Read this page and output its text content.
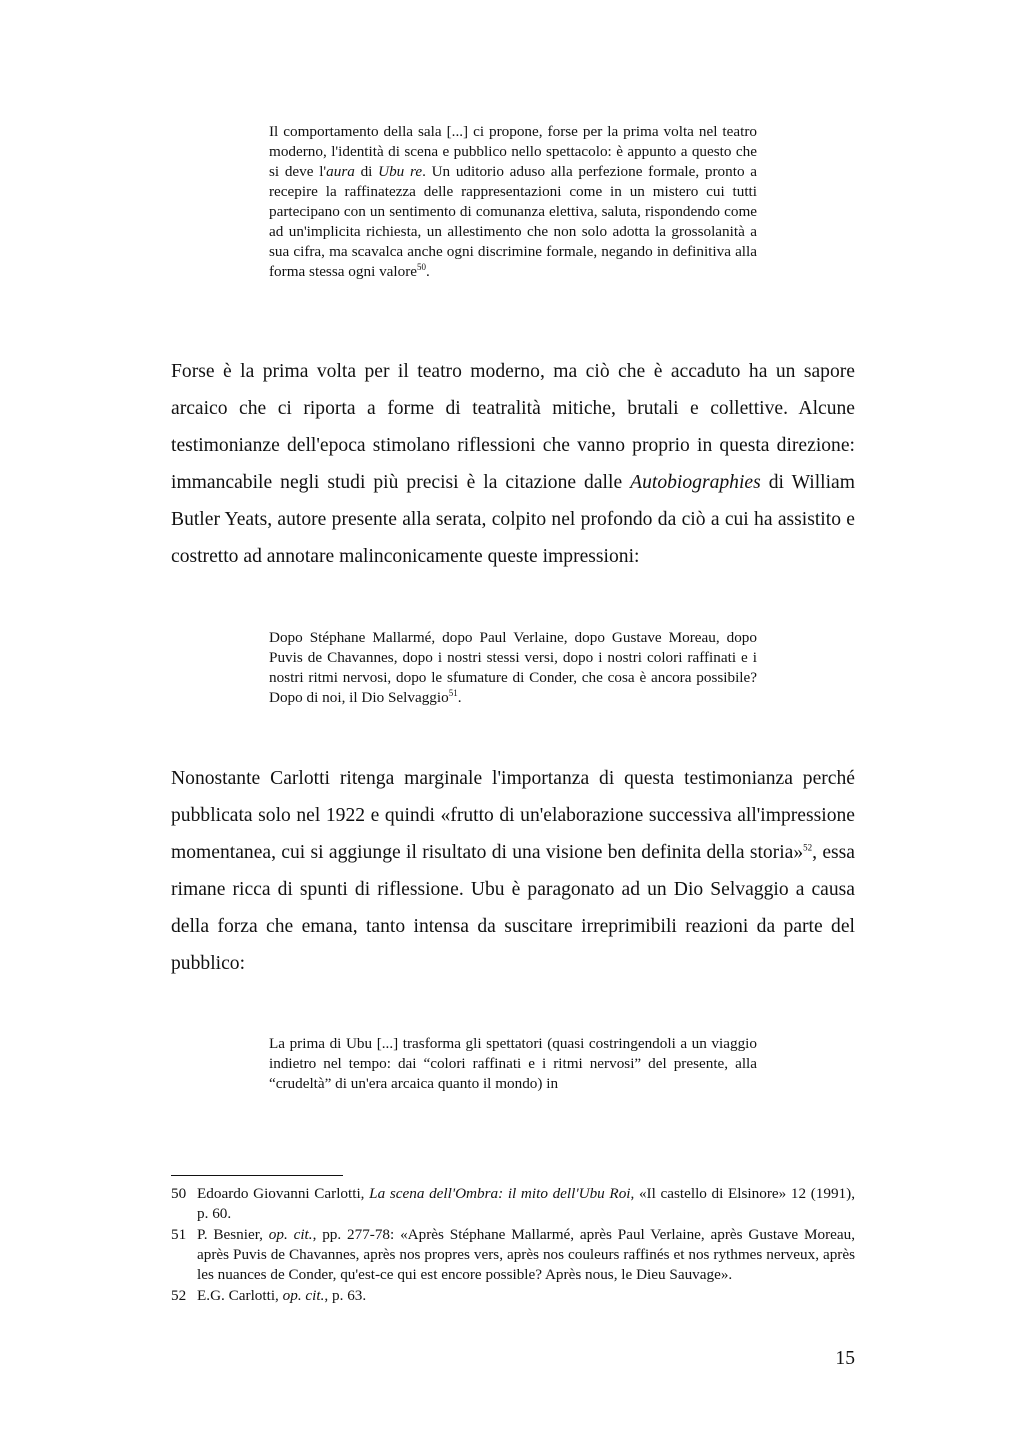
Il comportamento della sala [...] ci propone, forse per la prima volta nel teatro moderno, l'identità di scena e pubblico nello spettacolo: è appunto a questo che si deve l'aura di Ubu re. Un uditorio aduso alla perfezione formale, pronto a recepire la raffinatezza delle rappresentazioni come in un mistero cui tutti partecipano con un sentimento di comunanza elettiva, saluta, rispondendo come ad un'implicita richiesta, un allestimento che non solo adotta la grossolanità a sua cifra, ma scavalca anche ogni discrimine formale, negando in definitiva alla forma stessa ogni valore$^{50}$.
Forse è la prima volta per il teatro moderno, ma ciò che è accaduto ha un sapore arcaico che ci riporta a forme di teatralità mitiche, brutali e collettive. Alcune testimonianze dell'epoca stimolano riflessioni che vanno proprio in questa direzione: immancabile negli studi più precisi è la citazione dalle Autobiographies di William Butler Yeats, autore presente alla serata, colpito nel profondo da ciò a cui ha assistito e costretto ad annotare malinconicamente queste impressioni:
Dopo Stéphane Mallarmé, dopo Paul Verlaine, dopo Gustave Moreau, dopo Puvis de Chavannes, dopo i nostri stessi versi, dopo i nostri colori raffinati e i nostri ritmi nervosi, dopo le sfumature di Conder, che cosa è ancora possibile? Dopo di noi, il Dio Selvaggio$^{51}$.
Nonostante Carlotti ritenga marginale l'importanza di questa testimonianza perché pubblicata solo nel 1922 e quindi «frutto di un'elaborazione successiva all'impressione momentanea, cui si aggiunge il risultato di una visione ben definita della storia»$^{52}$, essa rimane ricca di spunti di riflessione. Ubu è paragonato ad un Dio Selvaggio a causa della forza che emana, tanto intensa da suscitare irreprimibili reazioni da parte del pubblico:
La prima di Ubu [...] trasforma gli spettatori (quasi costringendoli a un viaggio indietro nel tempo: dai “colori raffinati e i ritmi nervosi” del presente, alla “crudeltà” di un'era arcaica quanto il mondo) in
50 Edoardo Giovanni Carlotti, La scena dell'Ombra: il mito dell'Ubu Roi, «Il castello di Elsinore» 12 (1991), p. 60.
51 P. Besnier, op. cit., pp. 277-78: «Après Stéphane Mallarmé, après Paul Verlaine, après Gustave Moreau, après Puvis de Chavannes, après nos propres vers, après nos couleurs raffinés et nos rythmes nerveux, après les nuances de Conder, qu'est-ce qui est encore possible? Après nous, le Dieu Sauvage».
52 E.G. Carlotti, op. cit., p. 63.
15
